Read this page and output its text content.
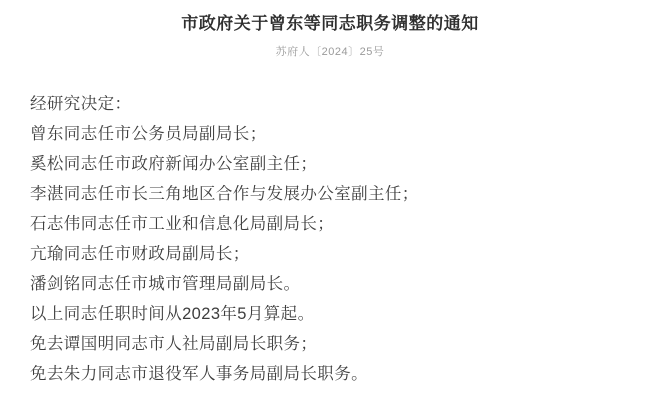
市政府关于曾东等同志职务调整的通知
苏府人〔2024〕25号

经研究决定：

曾东同志任市公务员局副局长；

奚松同志任市政府新闻办公室副主任；

李湛同志任市长三角地区合作与发展办公室副主任；

石志伟同志任市工业和信息化局副局长；

亢瑜同志任市财政局副局长；

潘剑铭同志任市城市管理局副局长。

以上同志任职时间从2023年5月算起。

免去谭国明同志市人社局副局长职务；

免去朱力同志市退役军人事务局副局长职务。
